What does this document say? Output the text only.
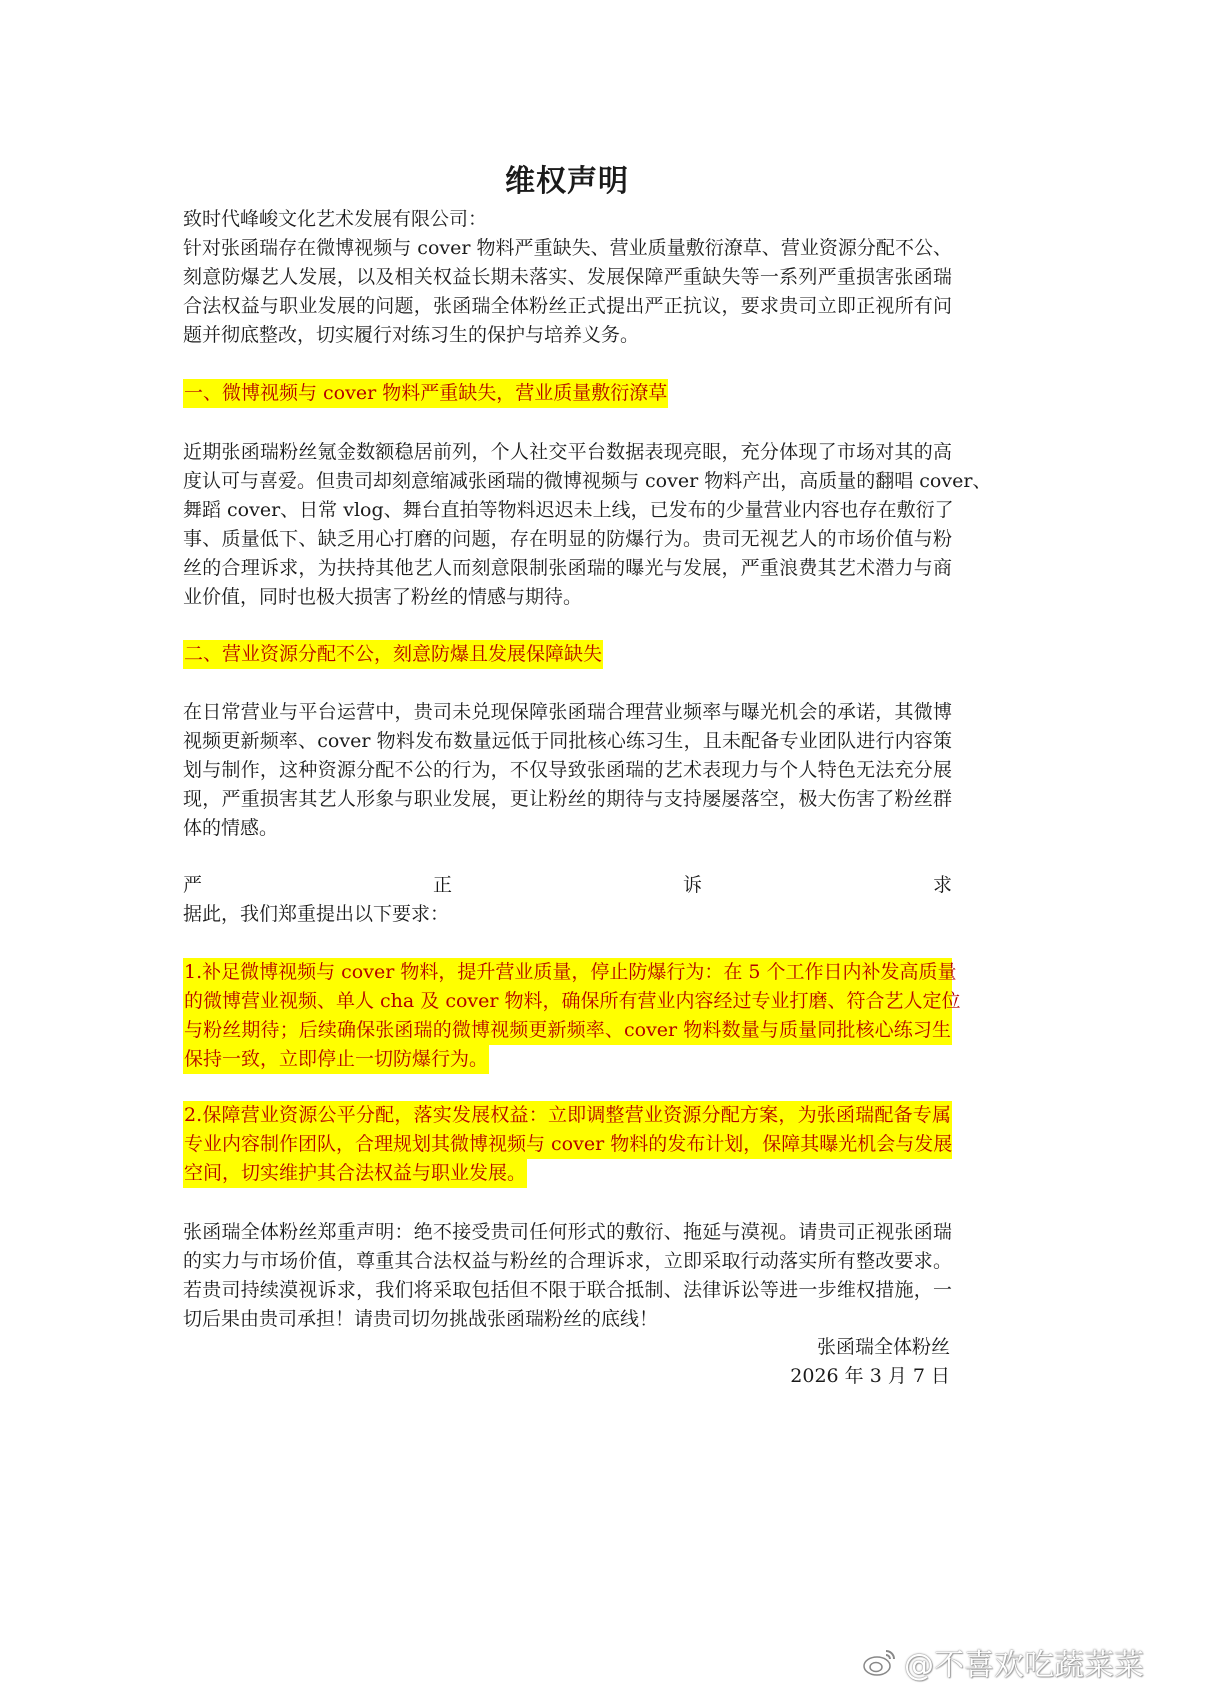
维权声明
致时代峰峻文化艺术发展有限公司：
针对张函瑞存在微博视频与 cover 物料严重缺失、营业质量敷衍潦草、营业资源分配不公、
刻意防爆艺人发展，以及相关权益长期未落实、发展保障严重缺失等一系列严重损害张函瑞
合法权益与职业发展的问题，张函瑞全体粉丝正式提出严正抗议，要求贵司立即正视所有问
题并彻底整改，切实履行对练习生的保护与培养义务。
一、微博视频与 cover 物料严重缺失，营业质量敷衍潦草
近期张函瑞粉丝氪金数额稳居前列，个人社交平台数据表现亮眼，充分体现了市场对其的高
度认可与喜爱。但贵司却刻意缩减张函瑞的微博视频与 cover 物料产出，高质量的翻唱 cover、
舞蹈 cover、日常 vlog、舞台直拍等物料迟迟未上线，已发布的少量营业内容也存在敷衍了
事、质量低下、缺乏用心打磨的问题，存在明显的防爆行为。贵司无视艺人的市场价值与粉
丝的合理诉求，为扶持其他艺人而刻意限制张函瑞的曝光与发展，严重浪费其艺术潜力与商
业价值，同时也极大损害了粉丝的情感与期待。
二、营业资源分配不公，刻意防爆且发展保障缺失
在日常营业与平台运营中，贵司未兑现保障张函瑞合理营业频率与曝光机会的承诺，其微博
视频更新频率、cover 物料发布数量远低于同批核心练习生，且未配备专业团队进行内容策
划与制作，这种资源分配不公的行为，不仅导致张函瑞的艺术表现力与个人特色无法充分展
现，严重损害其艺人形象与职业发展，更让粉丝的期待与支持屡屡落空，极大伤害了粉丝群
体的情感。
严正诉求
据此，我们郑重提出以下要求：
1.补足微博视频与 cover 物料，提升营业质量，停止防爆行为：在 5 个工作日内补发高质量
的微博营业视频、单人 cha 及 cover 物料，确保所有营业内容经过专业打磨、符合艺人定位
与粉丝期待；后续确保张函瑞的微博视频更新频率、cover 物料数量与质量同批核心练习生
保持一致，立即停止一切防爆行为。
2.保障营业资源公平分配，落实发展权益：立即调整营业资源分配方案，为张函瑞配备专属
专业内容制作团队，合理规划其微博视频与 cover 物料的发布计划，保障其曝光机会与发展
空间，切实维护其合法权益与职业发展。
张函瑞全体粉丝郑重声明：绝不接受贵司任何形式的敷衍、拖延与漠视。请贵司正视张函瑞
的实力与市场价值，尊重其合法权益与粉丝的合理诉求，立即采取行动落实所有整改要求。
若贵司持续漠视诉求，我们将采取包括但不限于联合抵制、法律诉讼等进一步维权措施，一
切后果由贵司承担！请贵司切勿挑战张函瑞粉丝的底线！
张函瑞全体粉丝
2026 年 3 月 7 日
@不喜欢吃蔬菜菜
